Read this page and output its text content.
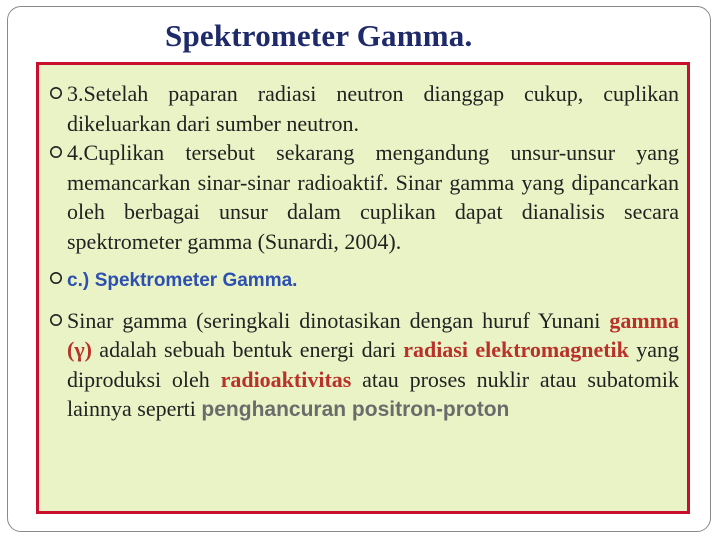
Spektrometer Gamma.
3.Setelah paparan radiasi neutron dianggap cukup, cuplikan dikeluarkan dari sumber neutron.
4.Cuplikan tersebut sekarang mengandung unsur-unsur yang memancarkan sinar-sinar radioaktif. Sinar gamma yang dipancarkan oleh berbagai unsur dalam cuplikan dapat dianalisis secara spektrometer gamma (Sunardi, 2004).
c.) Spektrometer Gamma.
Sinar gamma (seringkali dinotasikan dengan huruf Yunani gamma (γ) adalah sebuah bentuk energi dari radiasi elektromagnetik yang diproduksi oleh radioaktivitas atau proses nuklir atau subatomik lainnya seperti penghancuran positron-proton
